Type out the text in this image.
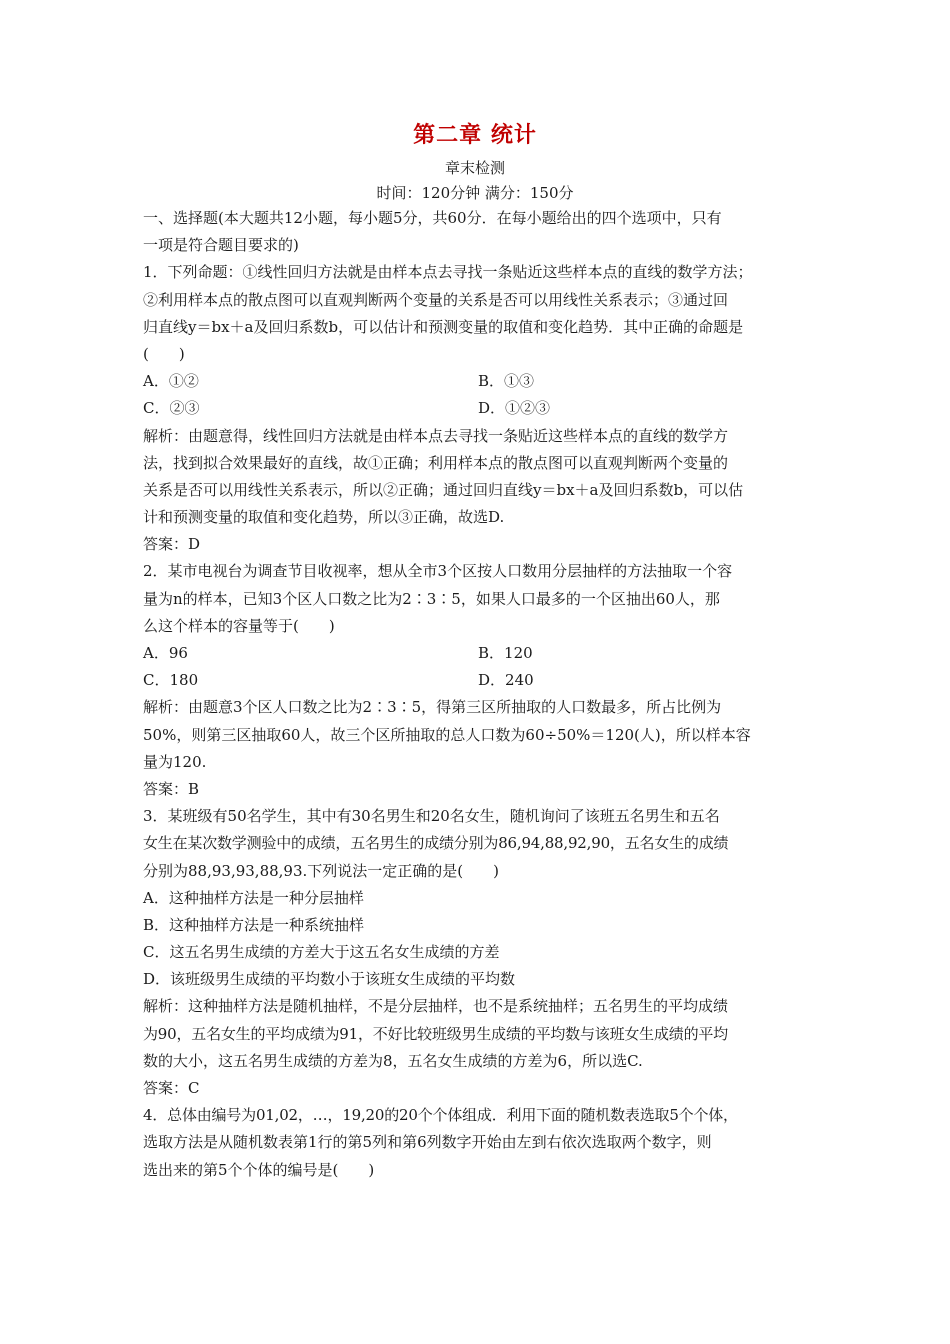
第二章 统计
章末检测
时间：120分钟 满分：150分
一、选择题(本大题共12小题，每小题5分，共60分．在每小题给出的四个选项中，只有
一项是符合题目要求的)
1．下列命题：①线性回归方法就是由样本点去寻找一条贴近这些样本点的直线的数学方法；
②利用样本点的散点图可以直观判断两个变量的关系是否可以用线性关系表示；③通过回
归直线y＝bx＋a及回归系数b，可以估计和预测变量的取值和变化趋势．其中正确的命题是
(　　)
A．①②	B．①③
C．②③	D．①②③
解析：由题意得，线性回归方法就是由样本点去寻找一条贴近这些样本点的直线的数学方
法，找到拟合效果最好的直线，故①正确；利用样本点的散点图可以直观判断两个变量的
关系是否可以用线性关系表示，所以②正确；通过回归直线y＝bx＋a及回归系数b，可以估
计和预测变量的取值和变化趋势，所以③正确，故选D.
答案：D
2．某市电视台为调查节目收视率，想从全市3个区按人口数用分层抽样的方法抽取一个容
量为n的样本，已知3个区人口数之比为2∶3∶5，如果人口最多的一个区抽出60人，那
么这个样本的容量等于(　　)
A．96	B．120
C．180	D．240
解析：由题意3个区人口数之比为2∶3∶5，得第三区所抽取的人口数最多，所占比例为
50%，则第三区抽取60人，故三个区所抽取的总人口数为60÷50%＝120(人)，所以样本容
量为120.
答案：B
3．某班级有50名学生，其中有30名男生和20名女生，随机询问了该班五名男生和五名
女生在某次数学测验中的成绩，五名男生的成绩分别为86,94,88,92,90，五名女生的成绩
分别为88,93,93,88,93.下列说法一定正确的是(　　)
A．这种抽样方法是一种分层抽样
B．这种抽样方法是一种系统抽样
C．这五名男生成绩的方差大于这五名女生成绩的方差
D．该班级男生成绩的平均数小于该班女生成绩的平均数
解析：这种抽样方法是随机抽样，不是分层抽样，也不是系统抽样；五名男生的平均成绩
为90，五名女生的平均成绩为91，不好比较班级男生成绩的平均数与该班女生成绩的平均
数的大小，这五名男生成绩的方差为8，五名女生成绩的方差为6，所以选C.
答案：C
4．总体由编号为01,02，…，19,20的20个个体组成．利用下面的随机数表选取5个个体，
选取方法是从随机数表第1行的第5列和第6列数字开始由左到右依次选取两个数字，则
选出来的第5个个体的编号是(　　)
